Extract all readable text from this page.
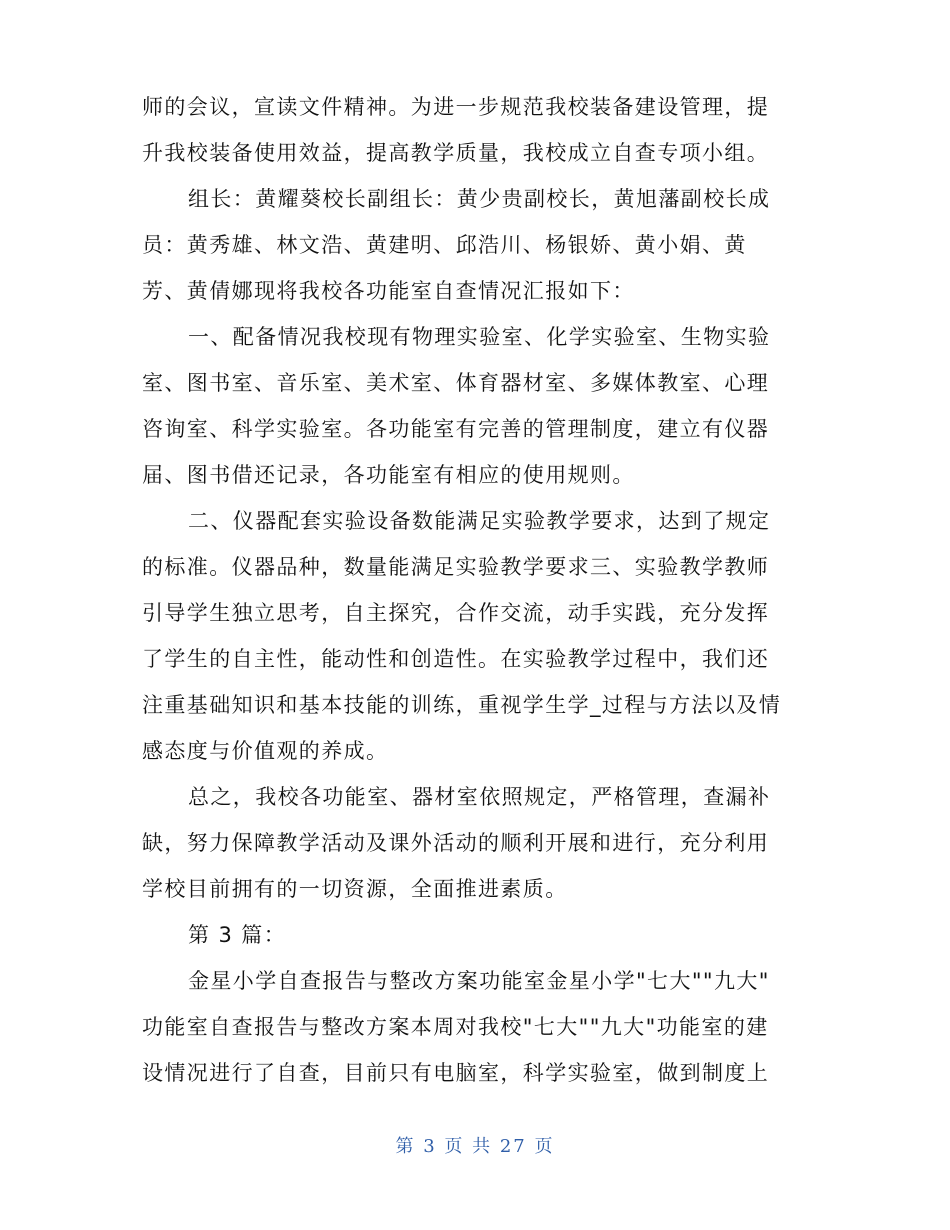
师的会议，宣读文件精神。为进一步规范我校装备建设管理，提
升我校装备使用效益，提高教学质量，我校成立自查专项小组。
组长：黄耀葵校长副组长：黄少贵副校长，黄旭藩副校长成
员：黄秀雄、林文浩、黄建明、邱浩川、杨银娇、黄小娟、黄
芳、黄倩娜现将我校各功能室自查情况汇报如下：
一、配备情况我校现有物理实验室、化学实验室、生物实验
室、图书室、音乐室、美术室、体育器材室、多媒体教室、心理
咨询室、科学实验室。各功能室有完善的管理制度，建立有仪器
届、图书借还记录，各功能室有相应的使用规则。
二、仪器配套实验设备数能满足实验教学要求，达到了规定
的标准。仪器品种，数量能满足实验教学要求三、实验教学教师
引导学生独立思考，自主探究，合作交流，动手实践，充分发挥
了学生的自主性，能动性和创造性。在实验教学过程中，我们还
注重基础知识和基本技能的训练，重视学生学_过程与方法以及情
感态度与价值观的养成。
总之，我校各功能室、器材室依照规定，严格管理，查漏补
缺，努力保障教学活动及课外活动的顺利开展和进行，充分利用
学校目前拥有的一切资源，全面推进素质。
第 3 篇：
金星小学自查报告与整改方案功能室金星小学"七大""九大"
功能室自查报告与整改方案本周对我校"七大""九大"功能室的建
设情况进行了自查，目前只有电脑室，科学实验室，做到制度上
第 3 页 共 27 页
